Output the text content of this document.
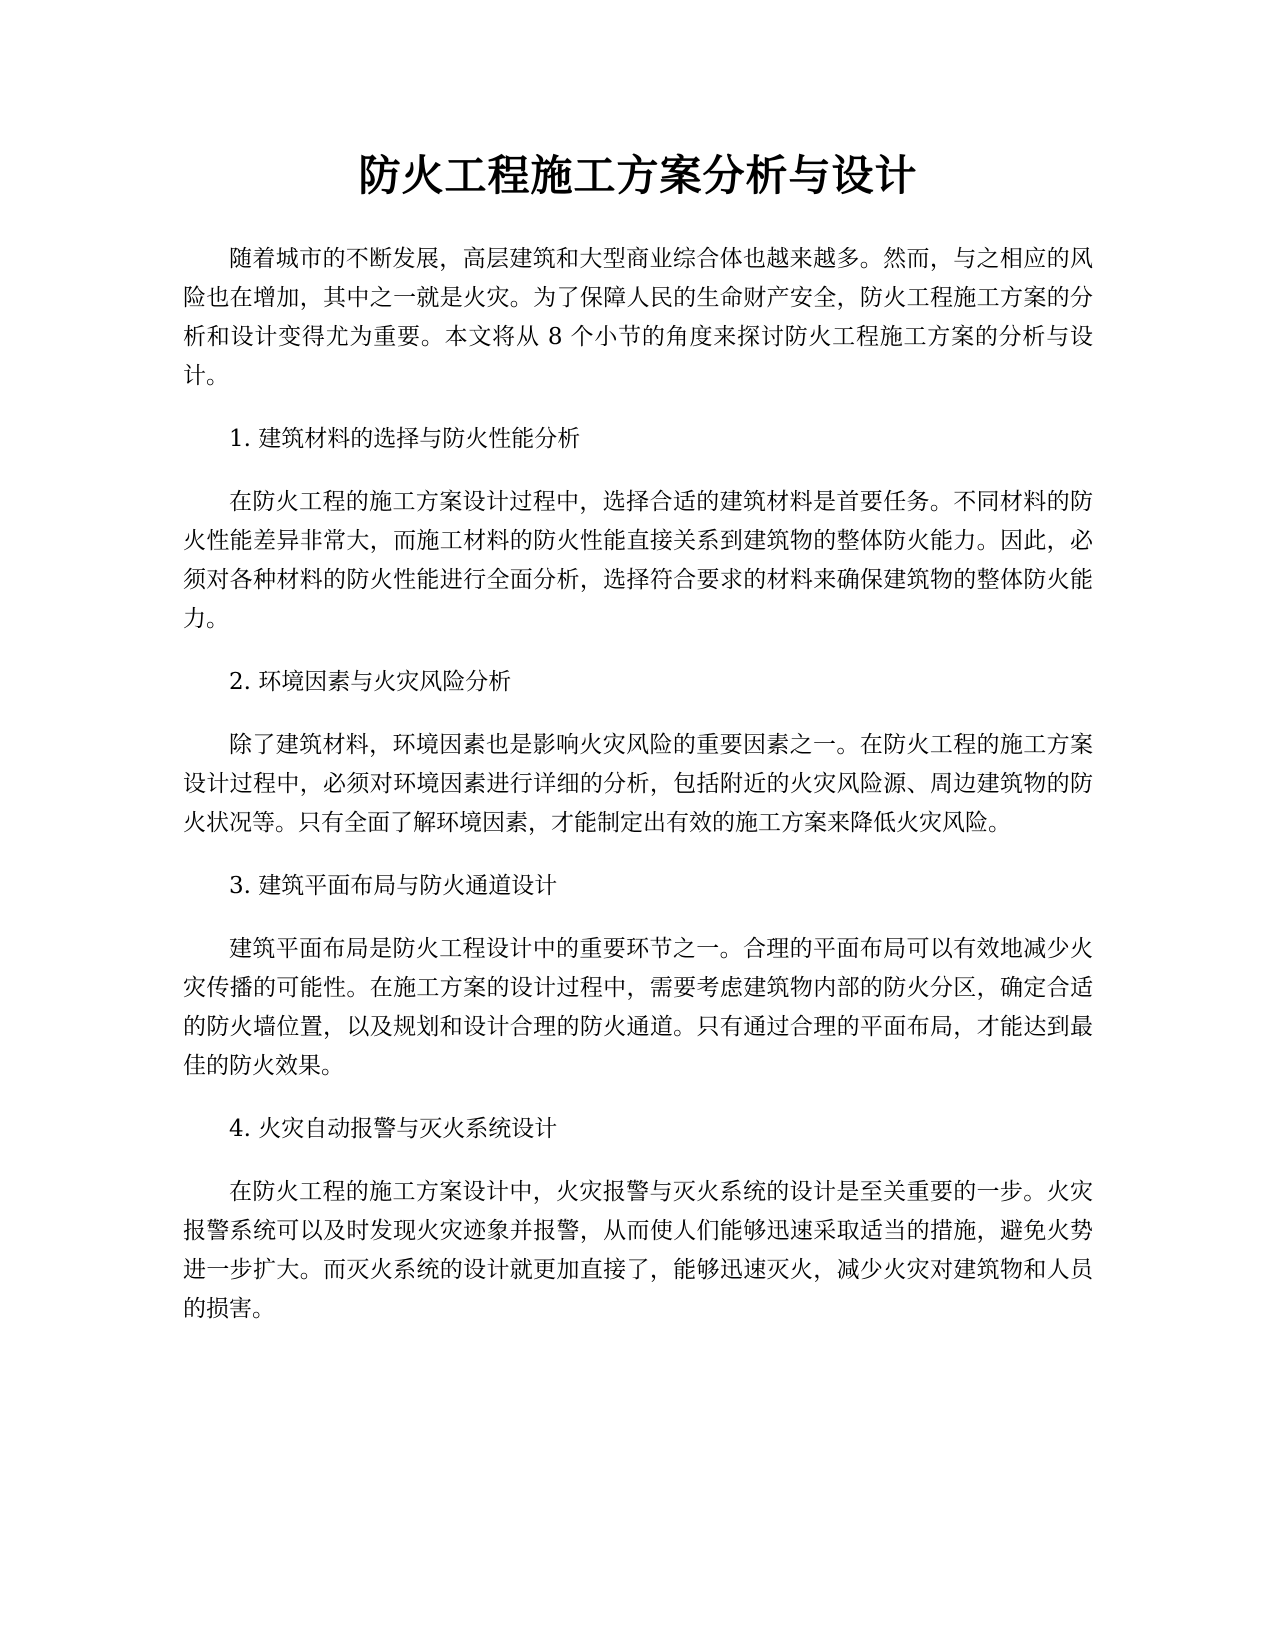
防火工程施工方案分析与设计

随着城市的不断发展，高层建筑和大型商业综合体也越来越多。然而，与之相应的风险也在增加，其中之一就是火灾。为了保障人民的生命财产安全，防火工程施工方案的分析和设计变得尤为重要。本文将从 8 个小节的角度来探讨防火工程施工方案的分析与设计。

1. 建筑材料的选择与防火性能分析

在防火工程的施工方案设计过程中，选择合适的建筑材料是首要任务。不同材料的防火性能差异非常大，而施工材料的防火性能直接关系到建筑物的整体防火能力。因此，必须对各种材料的防火性能进行全面分析，选择符合要求的材料来确保建筑物的整体防火能力。

2. 环境因素与火灾风险分析

除了建筑材料，环境因素也是影响火灾风险的重要因素之一。在防火工程的施工方案设计过程中，必须对环境因素进行详细的分析，包括附近的火灾风险源、周边建筑物的防火状况等。只有全面了解环境因素，才能制定出有效的施工方案来降低火灾风险。

3. 建筑平面布局与防火通道设计

建筑平面布局是防火工程设计中的重要环节之一。合理的平面布局可以有效地减少火灾传播的可能性。在施工方案的设计过程中，需要考虑建筑物内部的防火分区，确定合适的防火墙位置，以及规划和设计合理的防火通道。只有通过合理的平面布局，才能达到最佳的防火效果。

4. 火灾自动报警与灭火系统设计

在防火工程的施工方案设计中，火灾报警与灭火系统的设计是至关重要的一步。火灾报警系统可以及时发现火灾迹象并报警，从而使人们能够迅速采取适当的措施，避免火势进一步扩大。而灭火系统的设计就更加直接了，能够迅速灭火，减少火灾对建筑物和人员的损害。
